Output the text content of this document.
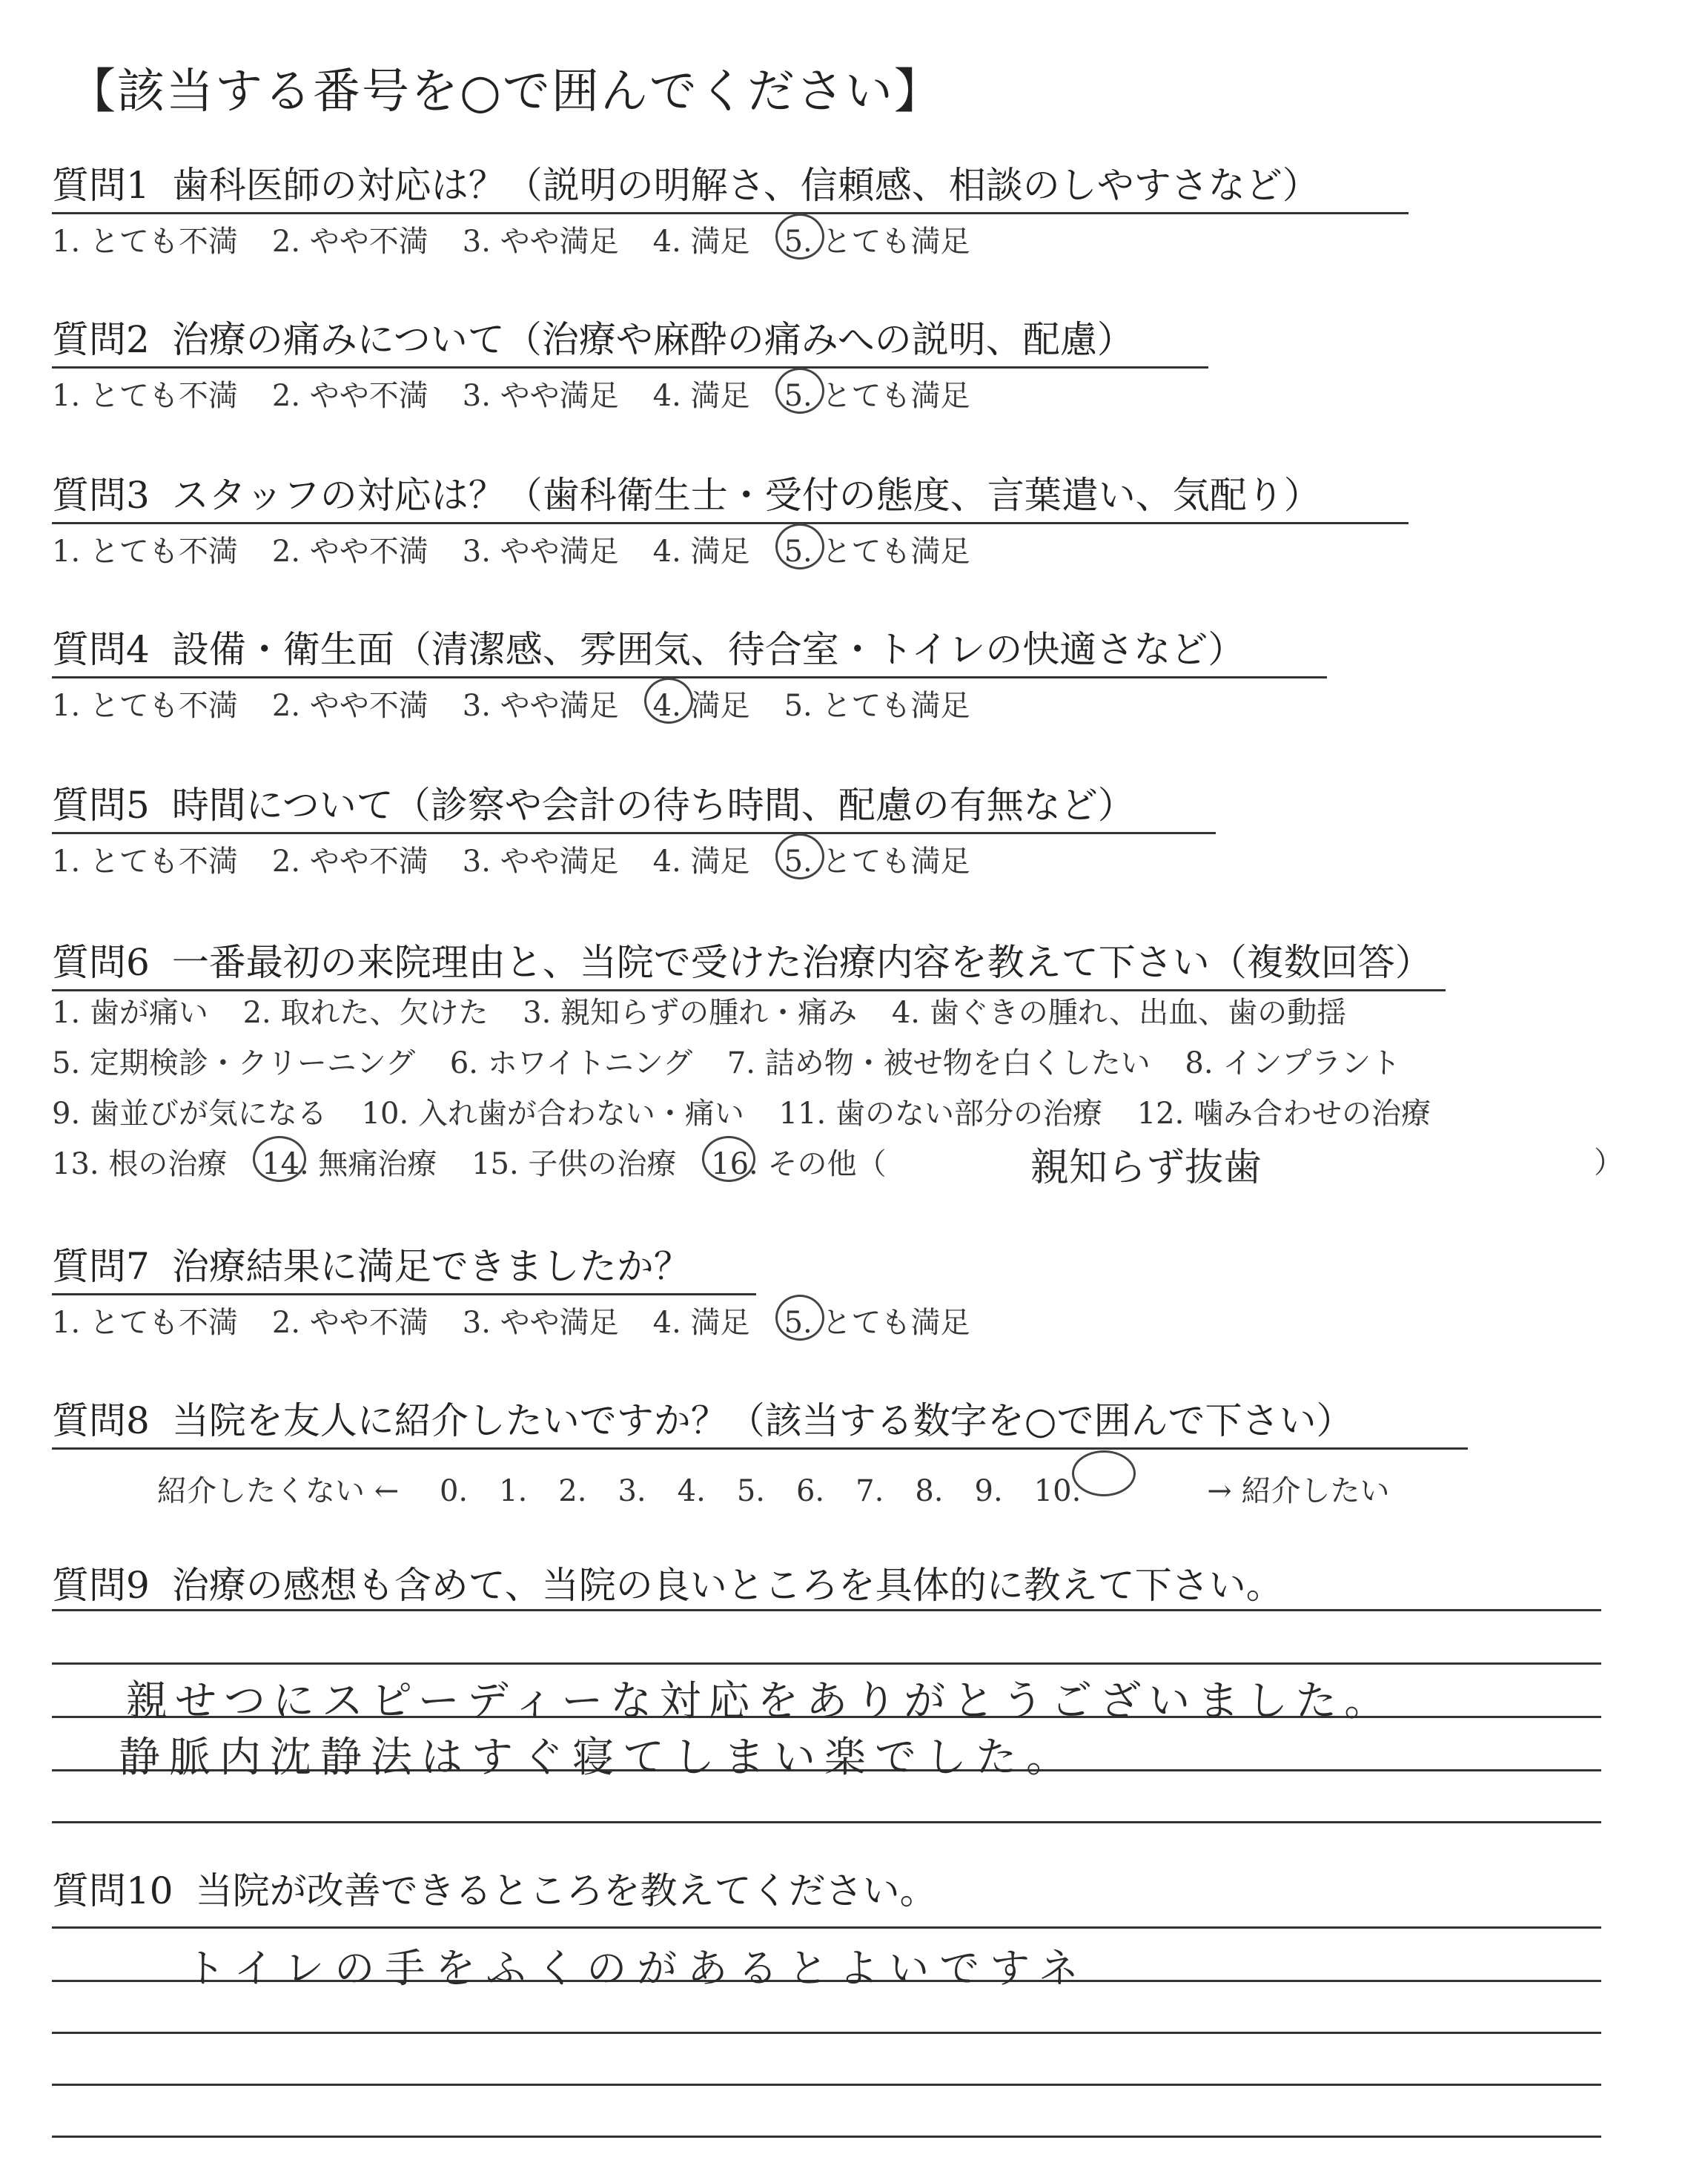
【該当する番号を○で囲んでください】
質問1 歯科医師の対応は？（説明の明解さ、信頼感、相談のしやすさなど）
1. とても不満 2. やや不満 3. やや満足 4. 満足 5. とても満足
質問2 治療の痛みについて（治療や麻酔の痛みへの説明、配慮）
1. とても不満 2. やや不満 3. やや満足 4. 満足 5. とても満足
質問3 スタッフの対応は？（歯科衛生士・受付の態度、言葉遣い、気配り）
1. とても不満 2. やや不満 3. やや満足 4. 満足 5. とても満足
質問4 設備・衛生面（清潔感、雰囲気、待合室・トイレの快適さなど）
1. とても不満 2. やや不満 3. やや満足 4. 満足 5. とても満足
質問5 時間について（診察や会計の待ち時間、配慮の有無など）
1. とても不満 2. やや不満 3. やや満足 4. 満足 5. とても満足
質問6 一番最初の来院理由と、当院で受けた治療内容を教えて下さい（複数回答）
1. 歯が痛い 2. 取れた、欠けた 3. 親知らずの腫れ・痛み 4. 歯ぐきの腫れ、出血、歯の動揺
5. 定期検診・クリーニング 6. ホワイトニング 7. 詰め物・被せ物を白くしたい 8. インプラント
9. 歯並びが気になる 10. 入れ歯が合わない・痛い 11. 歯のない部分の治療 12. 噛み合わせの治療
13. 根の治療 14. 無痛治療 15. 子供の治療 16. その他（	親知らず抜歯	）
質問7 治療結果に満足できましたか？
1. とても不満 2. やや不満 3. やや満足 4. 満足 5. とても満足
質問8 当院を友人に紹介したいですか？（該当する数字を○で囲んで下さい）
紹介したくない ← 0. 1. 2. 3. 4. 5. 6. 7. 8. 9. 10.	→ 紹介したい
質問9 治療の感想も含めて、当院の良いところを具体的に教えて下さい。
親せつにスピーディーな対応をありがとうございました。
静脈内沈静法はすぐ寝てしまい楽でした。
質問10 当院が改善できるところを教えてください。
トイレの手をふくのがあるとよいですネ
